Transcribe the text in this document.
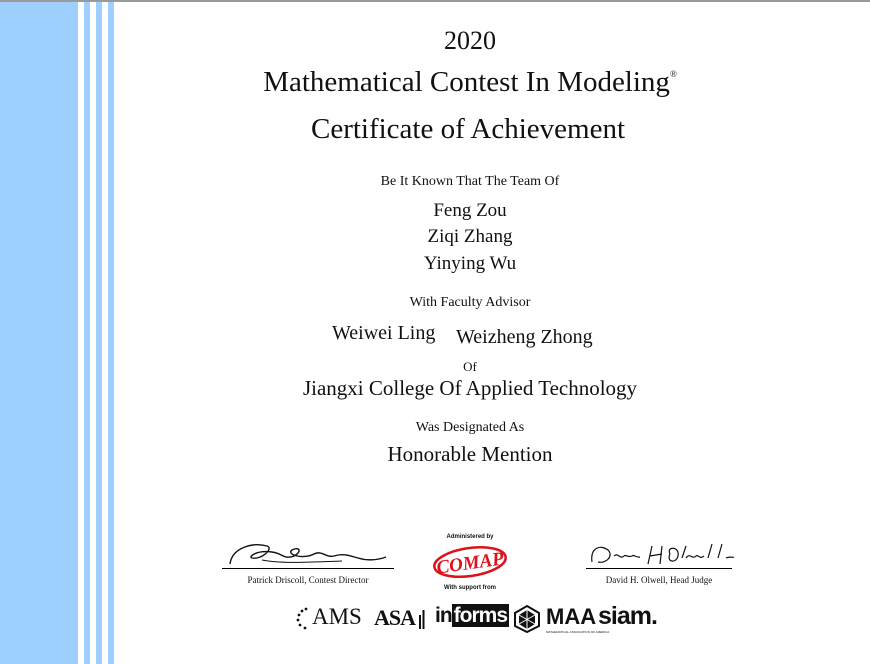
2020
Mathematical Contest In Modeling®
Certificate of Achievement
Be It Known That The Team Of
Feng Zou
Ziqi Zhang
Yinying Wu
With Faculty Advisor
Weiwei Ling Weizheng Zhong
Of
Jiangxi College Of Applied Technology
Was Designated As
Honorable Mention
Patrick Driscoll, Contest Director	David H. Olwell, Head Judge
Administered by
COMAP
With support from
AMS ASA informs MAA
MATHEMATICAL ASSOCIATION OF AMERICA
siam.
